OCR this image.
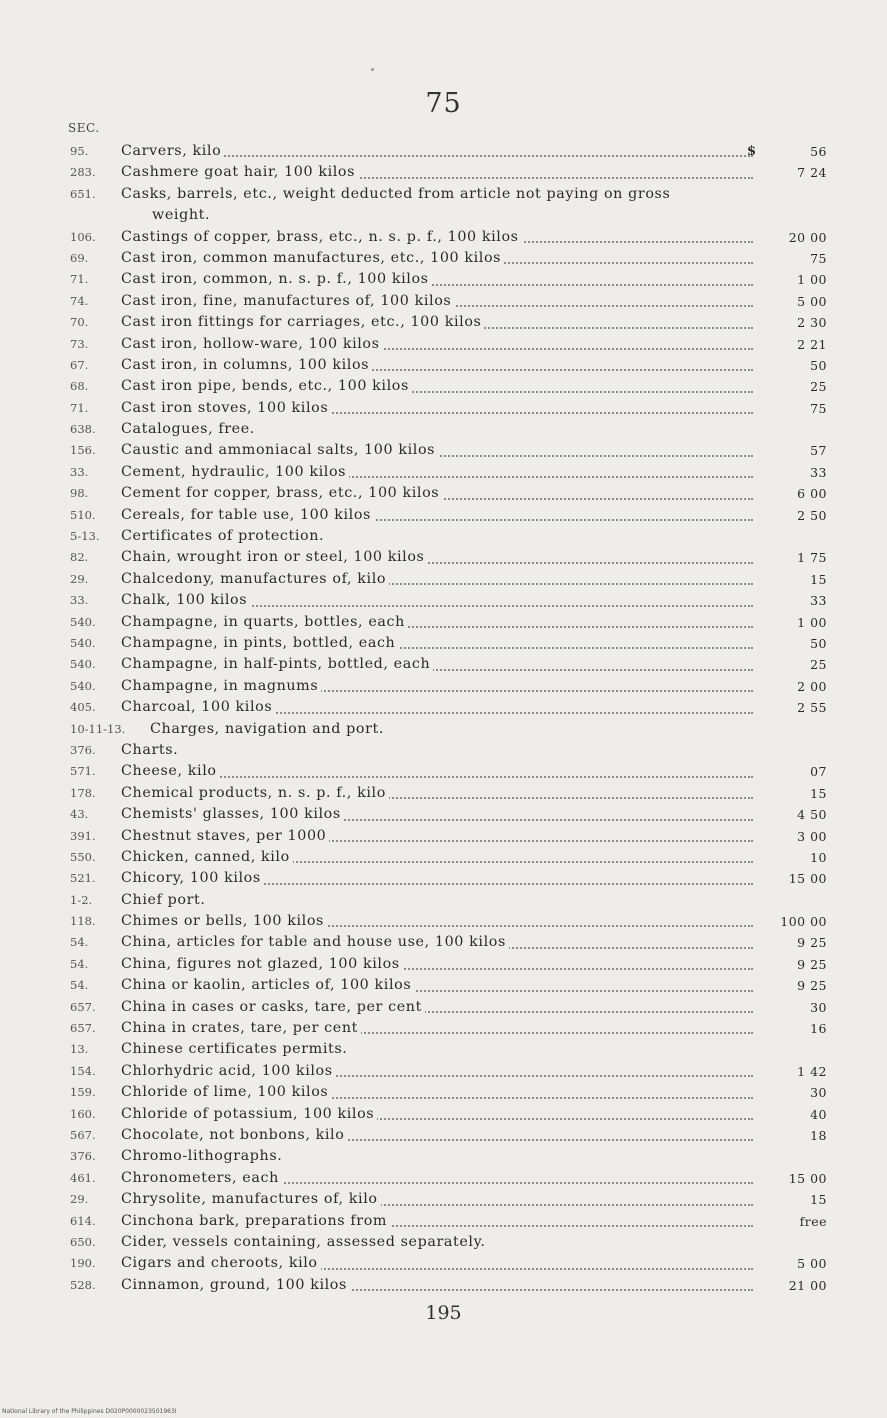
75
SEC.
95.	Carvers, kilo	$	56
283.	Cashmere goat hair, 100 kilos	7 24
651.	Casks, barrels, etc., weight deducted from article not paying on gross
weight.
106.	Castings of copper, brass, etc., n. s. p. f., 100 kilos	20 00
69.	Cast iron, common manufactures, etc., 100 kilos	75
71.	Cast iron, common, n. s. p. f., 100 kilos	1 00
74.	Cast iron, fine, manufactures of, 100 kilos	5 00
70.	Cast iron fittings for carriages, etc., 100 kilos	2 30
73.	Cast iron, hollow-ware, 100 kilos	2 21
67.	Cast iron, in columns, 100 kilos	50
68.	Cast iron pipe, bends, etc., 100 kilos	25
71.	Cast iron stoves, 100 kilos	75
638.	Catalogues, free.
156.	Caustic and ammoniacal salts, 100 kilos	57
33.	Cement, hydraulic, 100 kilos	33
98.	Cement for copper, brass, etc., 100 kilos	6 00
510.	Cereals, for table use, 100 kilos	2 50
5-13.	Certificates of protection.
82.	Chain, wrought iron or steel, 100 kilos	1 75
29.	Chalcedony, manufactures of, kilo	15
33.	Chalk, 100 kilos	33
540.	Champagne, in quarts, bottles, each	1 00
540.	Champagne, in pints, bottled, each	50
540.	Champagne, in half-pints, bottled, each	25
540.	Champagne, in magnums	2 00
405.	Charcoal, 100 kilos	2 55
10-11-13. Charges, navigation and port.
376.	Charts.
571.	Cheese, kilo	07
178.	Chemical products, n. s. p. f., kilo	15
43.	Chemists' glasses, 100 kilos	4 50
391.	Chestnut staves, per 1000	3 00
550.	Chicken, canned, kilo	10
521.	Chicory, 100 kilos	15 00
1-2.	Chief port.
118.	Chimes or bells, 100 kilos	100 00
54.	China, articles for table and house use, 100 kilos	9 25
54.	China, figures not glazed, 100 kilos	9 25
54.	China or kaolin, articles of, 100 kilos	9 25
657.	China in cases or casks, tare, per cent	30
657.	China in crates, tare, per cent	16
13.	Chinese certificates permits.
154.	Chlorhydric acid, 100 kilos	1 42
159.	Chloride of lime, 100 kilos	30
160.	Chloride of potassium, 100 kilos	40
567.	Chocolate, not bonbons, kilo	18
376.	Chromo-lithographs.
461.	Chronometers, each	15 00
29.	Chrysolite, manufactures of, kilo	15
614.	Cinchona bark, preparations from	free
650.	Cider, vessels containing, assessed separately.
190.	Cigars and cheroots, kilo	5 00
528.	Cinnamon, ground, 100 kilos	21 00
195
National Library of the Philippines D020P0000023501963I
